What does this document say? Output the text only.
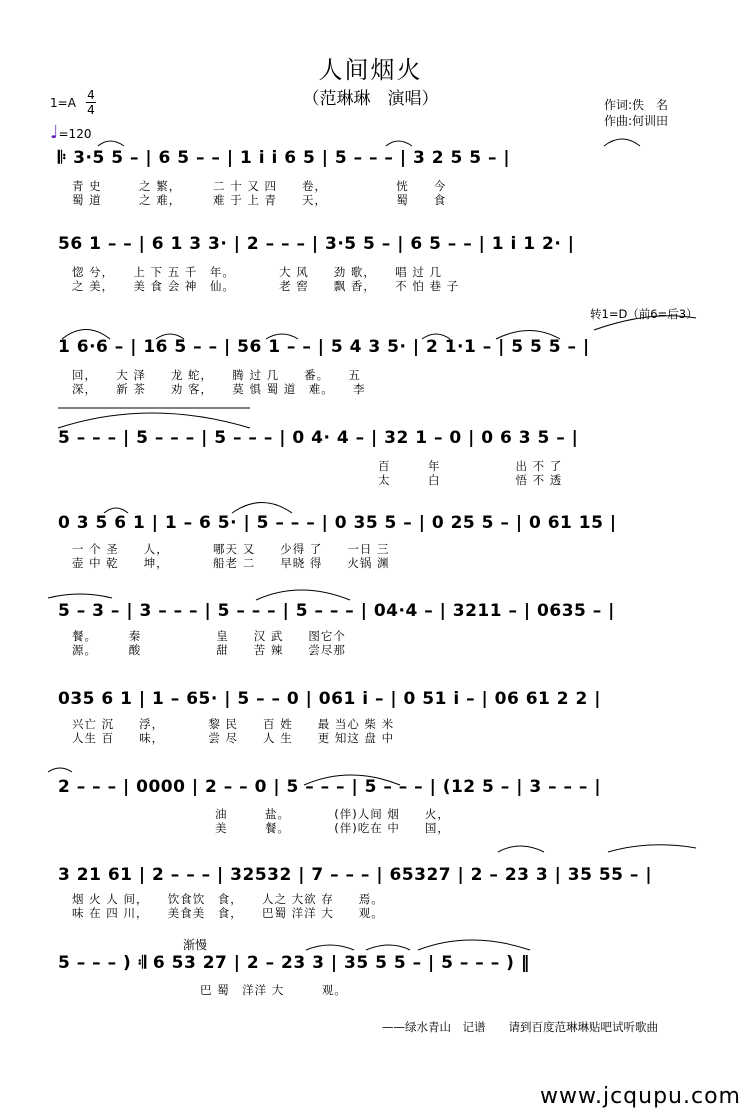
人间烟火
（范琳琳　演唱）
1=A
4
4
♩=120
作词:佚　名
作曲:何训田
𝄆 3·5 5 – | 6 5 – – | 1 i i 6 5 | 5 – – – | 3 2 5 5 – |
青 史　　　之 繁，　　　二 十 又 四　　卷，　　　　　　恍　　今
蜀 道　　　之 难，　　　难 于 上 青　　天，　　　　　　蜀　　食
56 1 – – | 6 1 3 3· | 2 – – – | 3·5 5 – | 6 5 – – | 1 i 1 2· |
惚 兮，　　上 下 五 千　年。　　　　大 风　　劲 歌，　　唱 过 几
之 美，　　美 食 会 神　仙。　　　　老 窖　　飘 香，　　不 怕 巷 子
转1=D（前6=后3）
1 6·6 – | 16 5 – – | 56 1 – – | 5 4 3 5· | 2 1·1 – | 5 5 5 – |
回，　　大 泽　　龙 蛇，　　腾 过 几　　番。　　五
深，　　新 茶　　劝 客，　　莫 惧 蜀 道　难。　　李
5 – – – | 5 – – – | 5 – – – | 0 4· 4 – | 32 1 – 0 | 0 6 3 5 – |
百　　　年　　　　　　出 不 了
太　　　白　　　　　　悟 不 透
0 3 5 6 1 | 1 – 6 5· | 5 – – – | 0 35 5 – | 0 25 5 – | 0 61 15 |
一 个 圣　　人，　　　　哪天 又　　少得 了　　一日 三
壶 中 乾　　坤，　　　　船老 二　　早晓 得　　火锅 渊
5 – 3 – | 3 – – – | 5 – – – | 5 – – – | 04·4 – | 3211 – | 0635 – |
餐。　　　秦　　　　　　皇　　汉 武　　图它个
源。　　　酸　　　　　　甜　　苦 辣　　尝尽那
035 6 1 | 1 – 65· | 5 – – 0 | 061 i – | 0 51 i – | 06 61 2 2 |
兴亡 沉　　浮，　　　　黎 民　　百 姓　　最 当心 柴 米
人生 百　　味，　　　　尝 尽　　人 生　　更 知这 盘 中
2 – – – | 0000 | 2 – – 0 | 5 – – – | 5 – – – | (12 5 – | 3 – – – |
油　　　盐。　　　　(伴)人间 烟　　火，
美　　　餐。　　　　(伴)吃在 中　　国，
3 21 61 | 2 – – – | 32532 | 7 – – – | 65327 | 2 – 23 3 | 35 55 – |
烟 火 人 间，　　饮食饮　食，　　人之 大欲 存　　焉。
味 在 四 川，　　美食美　食，　　巴蜀 洋洋 大　　观。
渐慢
5 – – – ) 𝄇 6 53 27 | 2 – 23 3 | 35 5 5 – | 5 – – – ) ‖
巴 蜀　洋洋 大　　　观。
——绿水青山　记谱　　请到百度范琳琳贴吧试听歌曲
www.jcqupu.com
